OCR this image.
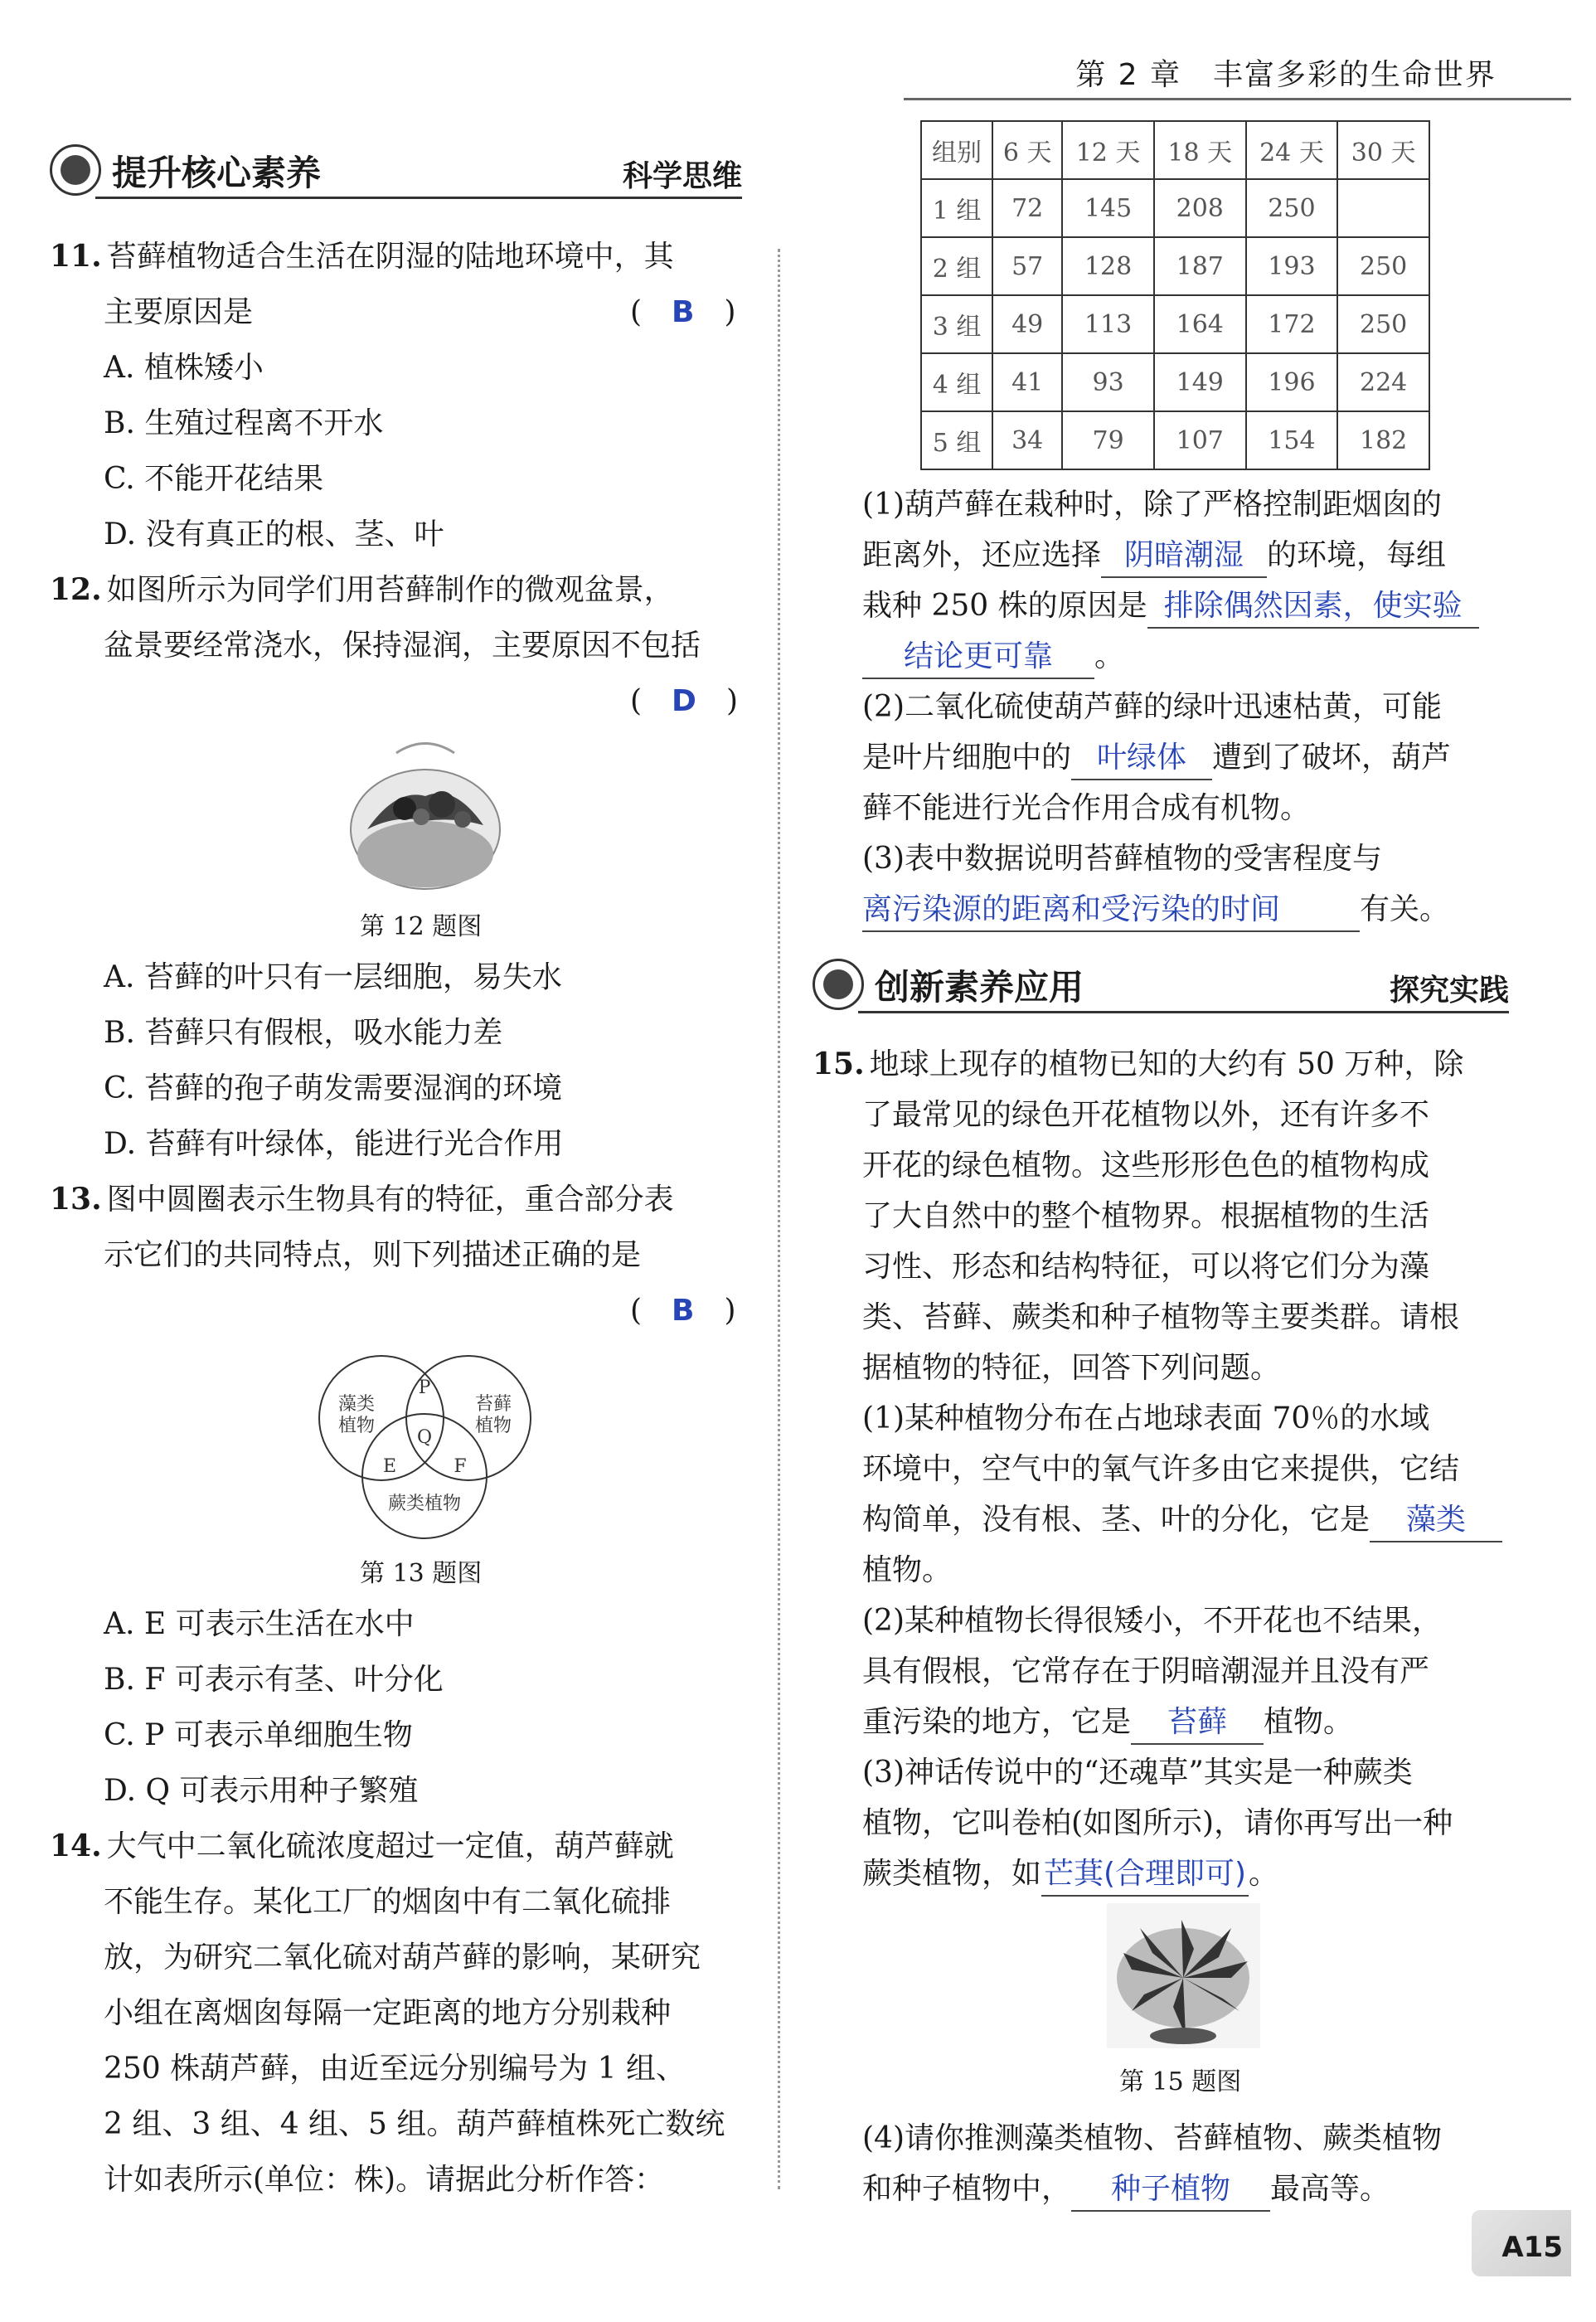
第 2 章　丰富多彩的生命世界
提升核心素养	科学思维
11. 苔藓植物适合生活在阴湿的陆地环境中，其
主要原因是	(　B　)
A. 植株矮小
B. 生殖过程离不开水
C. 不能开花结果
D. 没有真正的根、茎、叶
12. 如图所示为同学们用苔藓制作的微观盆景，
盆景要经常浇水，保持湿润，主要原因不包括
(　D　)
第 12 题图
A. 苔藓的叶只有一层细胞，易失水
B. 苔藓只有假根，吸水能力差
C. 苔藓的孢子萌发需要湿润的环境
D. 苔藓有叶绿体，能进行光合作用
13. 图中圆圈表示生物具有的特征，重合部分表
示它们的共同特点，则下列描述正确的是
(　B　)
藻类
植物
苔藓
植物
蕨类植物
P
Q
E	F
第 13 题图
A. E 可表示生活在水中
B. F 可表示有茎、叶分化
C. P 可表示单细胞生物
D. Q 可表示用种子繁殖
14. 大气中二氧化硫浓度超过一定值，葫芦藓就
不能生存。某化工厂的烟囱中有二氧化硫排
放，为研究二氧化硫对葫芦藓的影响，某研究
小组在离烟囱每隔一定距离的地方分别栽种
250 株葫芦藓，由近至远分别编号为 1 组、
2 组、3 组、4 组、5 组。葫芦藓植株死亡数统
计如表所示(单位：株)。请据此分析作答：
组别	6 天	12 天	18 天	24 天	30 天
1 组	72	145	208	250	
2 组	57	128	187	193	250
3 组	49	113	164	172	250
4 组	41	93	149	196	224
5 组	34	79	107	154	182
(1)葫芦藓在栽种时，除了严格控制距烟囱的
距离外，还应选择 阴暗潮湿 的环境，每组
栽种 250 株的原因是 排除偶然因素，使实验
结论更可靠 。
(2)二氧化硫使葫芦藓的绿叶迅速枯黄，可能
是叶片细胞中的 叶绿体 遭到了破坏，葫芦
藓不能进行光合作用合成有机物。
(3)表中数据说明苔藓植物的受害程度与
离污染源的距离和受污染的时间	有关。
创新素养应用	探究实践
15. 地球上现存的植物已知的大约有 50 万种，除
了最常见的绿色开花植物以外，还有许多不
开花的绿色植物。这些形形色色的植物构成
了大自然中的整个植物界。根据植物的生活
习性、形态和结构特征，可以将它们分为藻
类、苔藓、蕨类和种子植物等主要类群。请根
据植物的特征，回答下列问题。
(1)某种植物分布在占地球表面 70％的水域
环境中，空气中的氧气许多由它来提供，它结
构简单，没有根、茎、叶的分化，它是 藻类
植物。
(2)某种植物长得很矮小，不开花也不结果，
具有假根，它常存在于阴暗潮湿并且没有严
重污染的地方，它是 苔藓 植物。
(3)神话传说中的“还魂草”其实是一种蕨类
植物，它叫卷柏(如图所示)，请你再写出一种
蕨类植物，如芒萁(合理即可)。
第 15 题图
(4)请你推测藻类植物、苔藓植物、蕨类植物
和种子植物中， 种子植物 最高等。
A15
